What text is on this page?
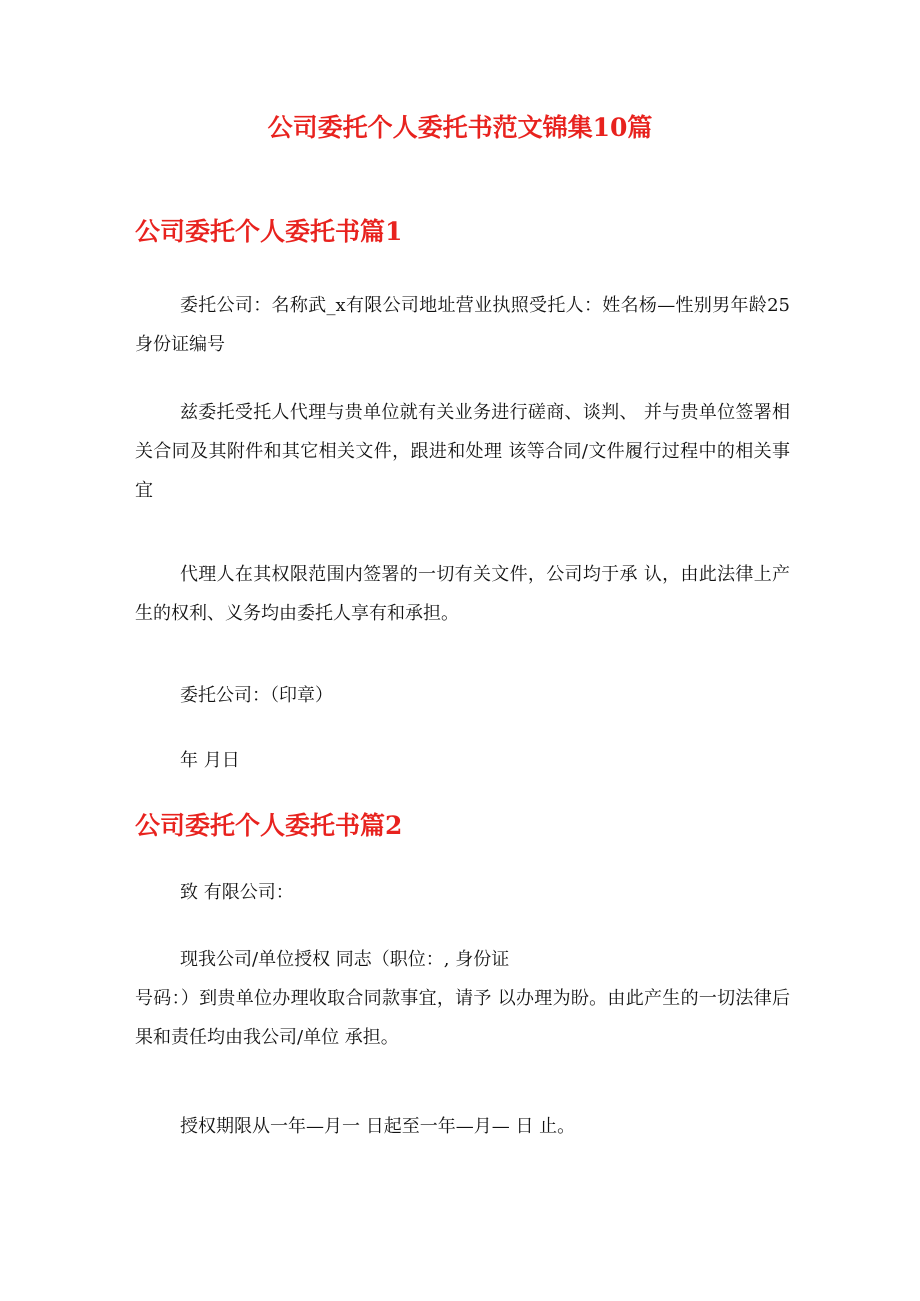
公司委托个人委托书范文锦集10篇
公司委托个人委托书篇1

委托公司：名称武_x有限公司地址营业执照受托人：姓名杨—性别男年龄25身份证编号

兹委托受托人代理与贵单位就有关业务进行磋商、谈判、 并与贵单位签署相关合同及其附件和其它相关文件，跟进和处理 该等合同/文件履行过程中的相关事宜

代理人在其权限范围内签署的一切有关文件，公司均于承 认，由此法律上产生的权利、义务均由委托人享有和承担。

委托公司：（印章）

年 月日

公司委托个人委托书篇2

致 有限公司：

现我公司/单位授权 同志（职位：, 身份证
号码：）到贵单位办理收取合同款事宜，请予 以办理为盼。由此产生的一切法律后果和责任均由我公司/单位 承担。

授权期限从一年—月一 日起至一年—月— 日 止。
